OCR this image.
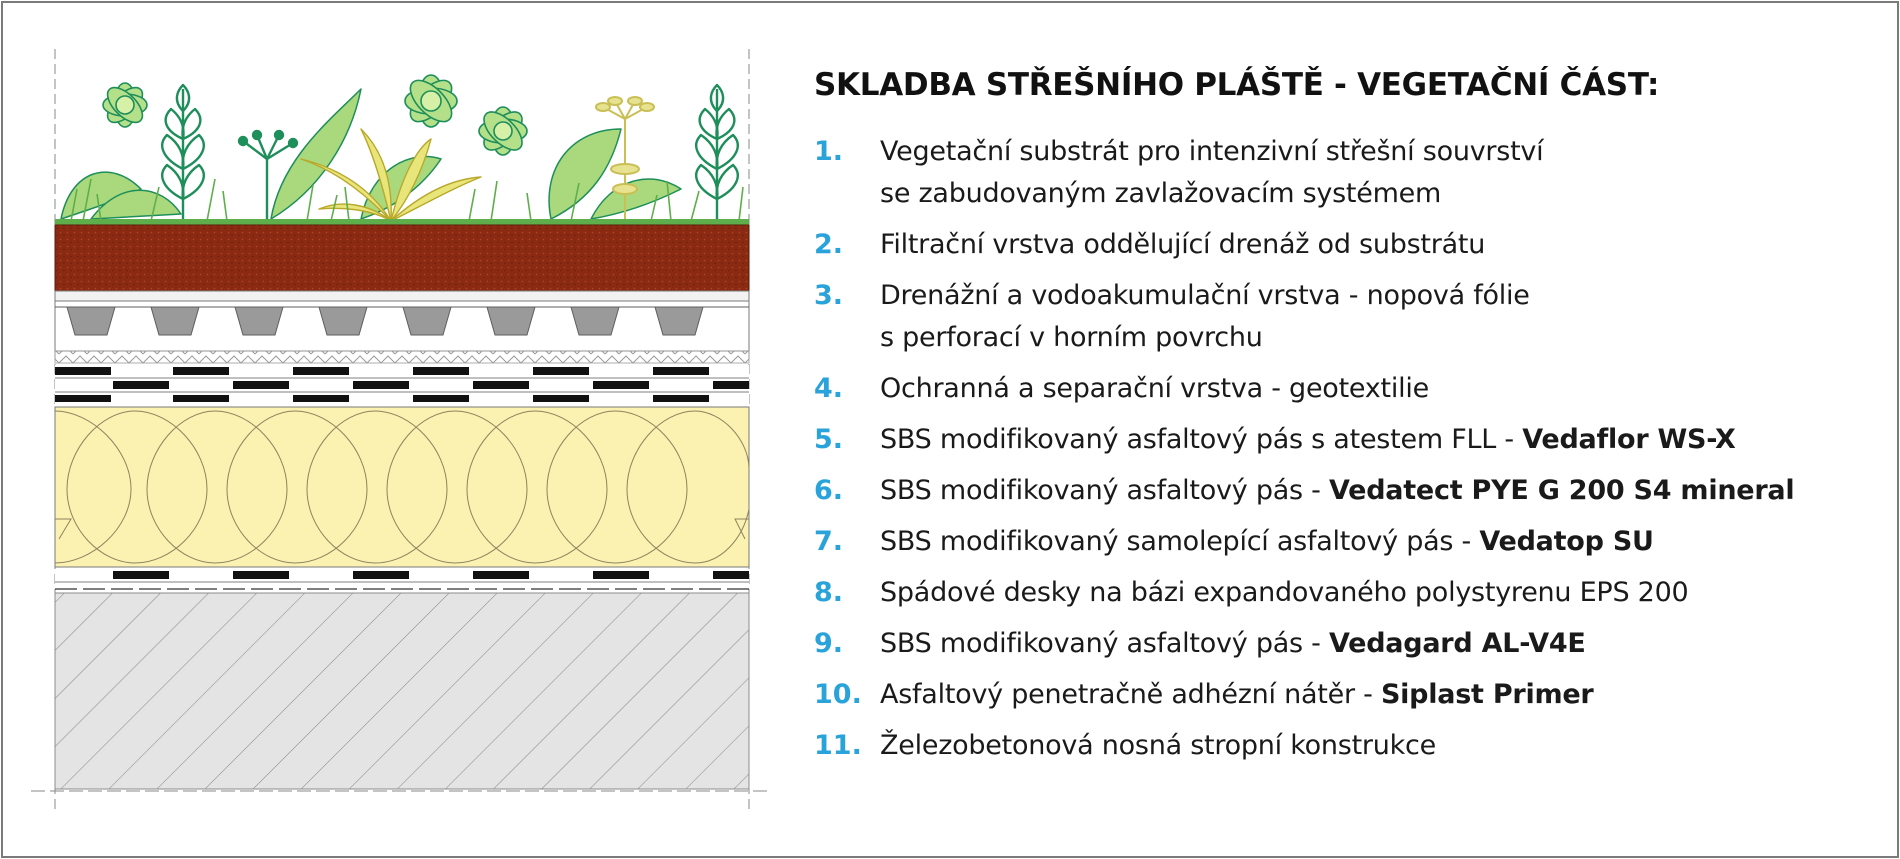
SKLADBA STŘEŠNÍHO PLÁŠTĚ - VEGETAČNÍ ČÁST:
1.	Vegetační substrát pro intenzivní střešní souvrství
se zabudovaným zavlažovacím systémem
2.	Filtrační vrstva oddělující drenáž od substrátu
3.	Drenážní a vodoakumulační vrstva - nopová fólie
s perforací v horním povrchu
4.	Ochranná a separační vrstva - geotextilie
5.	SBS modifikovaný asfaltový pás s atestem FLL - Vedaflor WS-X
6.	SBS modifikovaný asfaltový pás - Vedatect PYE G 200 S4 mineral
7.	SBS modifikovaný samolepící asfaltový pás - Vedatop SU
8.	Spádové desky na bázi expandovaného polystyrenu EPS 200
9.	SBS modifikovaný asfaltový pás - Vedagard AL-V4E
10. Asfaltový penetračně adhézní nátěr - Siplast Primer
11. Železobetonová nosná stropní konstrukce
